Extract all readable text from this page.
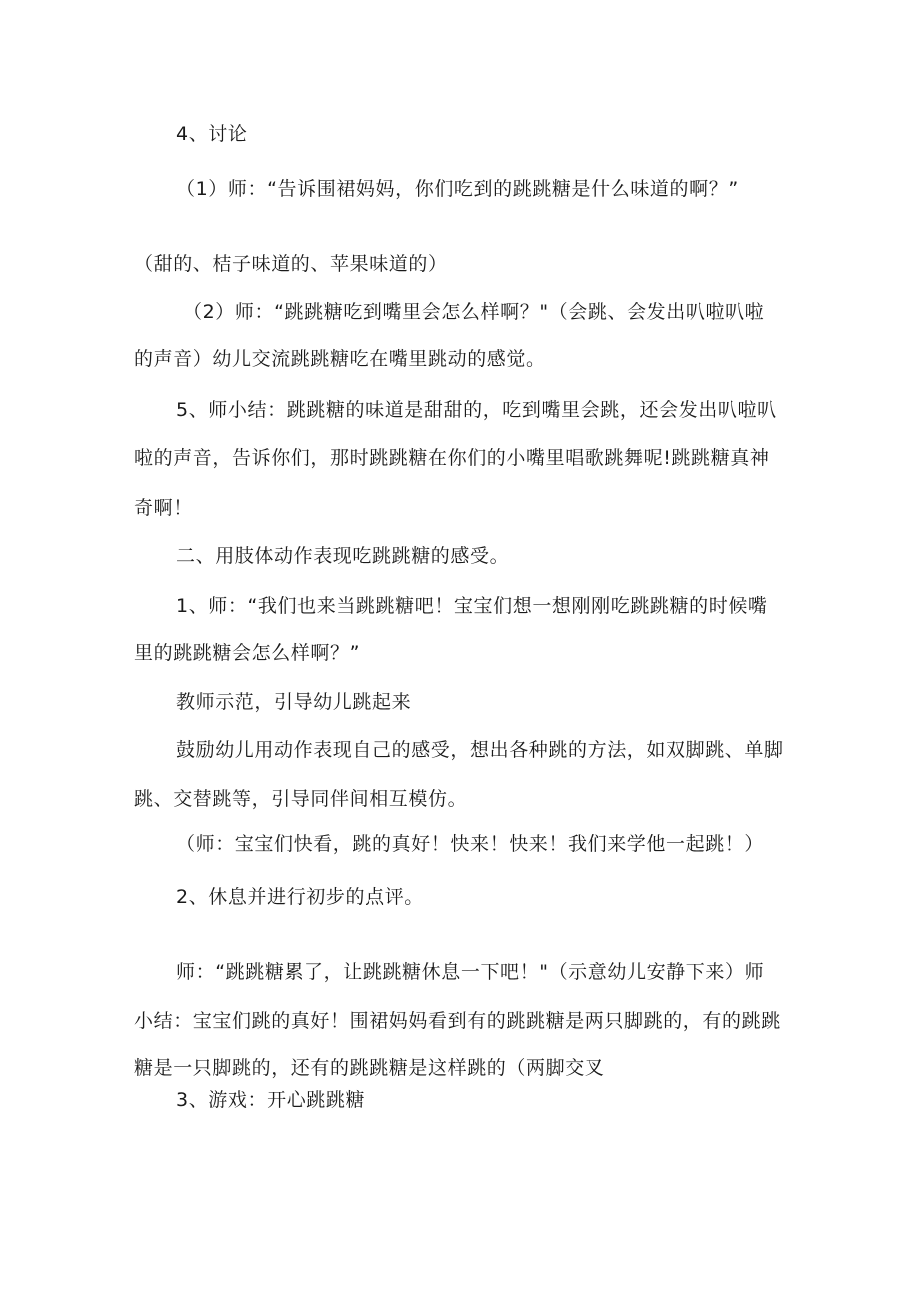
4、讨论
（1）师：“告诉围裙妈妈，你们吃到的跳跳糖是什么味道的啊？”
（甜的、桔子味道的、苹果味道的）
（2）师：“跳跳糖吃到嘴里会怎么样啊？"（会跳、会发出叭啦叭啦
的声音）幼儿交流跳跳糖吃在嘴里跳动的感觉。
5、师小结：跳跳糖的味道是甜甜的，吃到嘴里会跳，还会发出叭啦叭
啦的声音，告诉你们，那时跳跳糖在你们的小嘴里唱歌跳舞呢!跳跳糖真神
奇啊！
二、用肢体动作表现吃跳跳糖的感受。
1、师：“我们也来当跳跳糖吧！宝宝们想一想刚刚吃跳跳糖的时候嘴
里的跳跳糖会怎么样啊？”
教师示范，引导幼儿跳起来
鼓励幼儿用动作表现自己的感受，想出各种跳的方法，如双脚跳、单脚
跳、交替跳等，引导同伴间相互模仿。
（师：宝宝们快看，跳的真好！快来！快来！我们来学他一起跳！）
2、休息并进行初步的点评。
师：“跳跳糖累了，让跳跳糖休息一下吧！"（示意幼儿安静下来）师
小结：宝宝们跳的真好！围裙妈妈看到有的跳跳糖是两只脚跳的，有的跳跳
糖是一只脚跳的，还有的跳跳糖是这样跳的（两脚交叉
3、游戏：开心跳跳糖
